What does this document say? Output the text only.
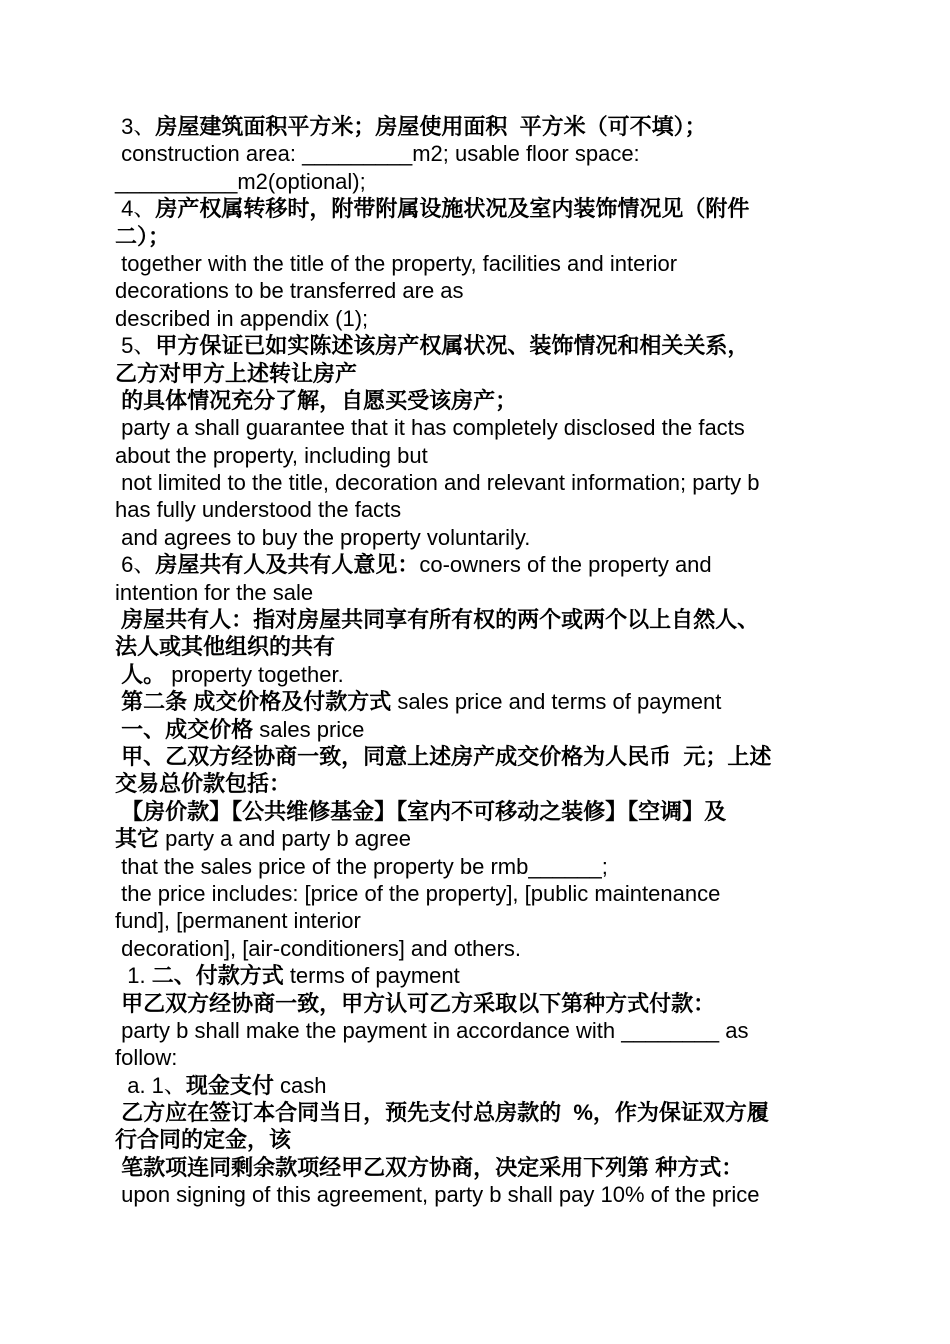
3、房屋建筑面积平方米；房屋使用面积  平方米（可不填）；
construction area: _________m2; usable floor space:
__________m2(optional);
4、房产权属转移时，附带附属设施状况及室内装饰情况见（附件
二）；
together with the title of the property, facilities and interior
decorations to be transferred are as
described in appendix (1);
5、甲方保证已如实陈述该房产权属状况、装饰情况和相关关系，
乙方对甲方上述转让房产
的具体情况充分了解，自愿买受该房产；
party a shall guarantee that it has completely disclosed the facts
about the property, including but
not limited to the title, decoration and relevant information; party b
has fully understood the facts
and agrees to buy the property voluntarily.
6、房屋共有人及共有人意见：co-owners of the property and
intention for the sale
房屋共有人：指对房屋共同享有所有权的两个或两个以上自然人、
法人或其他组织的共有
人。 property together.
第二条 成交价格及付款方式 sales price and terms of payment
一、成交价格 sales price
甲、乙双方经协商一致，同意上述房产成交价格为人民币  元；上述
交易总价款包括：
【房价款】【公共维修基金】【室内不可移动之装修】【空调】及
其它 party a and party b agree
that the sales price of the property be rmb______;
the price includes: [price of the property], [public maintenance
fund], [permanent interior
decoration], [air-conditioners] and others.
1. 二、付款方式 terms of payment
甲乙双方经协商一致，甲方认可乙方采取以下第种方式付款：
party b shall make the payment in accordance with ________ as
follow:
a. 1、现金支付 cash
乙方应在签订本合同当日，预先支付总房款的  %，作为保证双方履
行合同的定金，该
笔款项连同剩余款项经甲乙双方协商，决定采用下列第 种方式：
upon signing of this agreement, party b shall pay 10% of the price
